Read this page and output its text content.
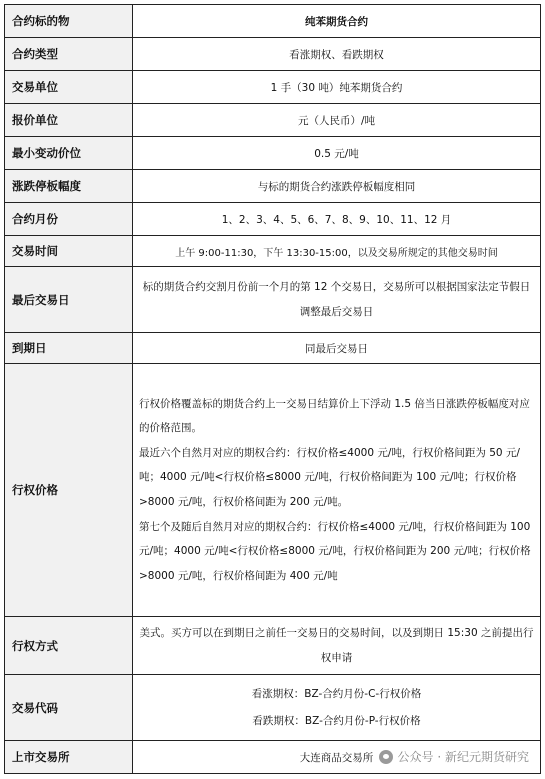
合约标的物	纯苯期货合约

合约类型	看涨期权、看跌期权

交易单位	1 手（30 吨）纯苯期货合约

报价单位	元（人民币）/吨

最小变动价位	0.5 元/吨

涨跌停板幅度	与标的期货合约涨跌停板幅度相同

合约月份	1、2、3、4、5、6、7、8、9、10、11、12 月

交易时间	上午 9:00-11:30，下午 13:30-15:00，以及交易所规定的其他交易时间

最后交易日	标的期货合约交割月份前一个月的第 12 个交易日，交易所可以根据国家法定节假日调整最后交易日

到期日	同最后交易日

行权价格	行权价格覆盖标的期货合约上一交易日结算价上下浮动 1.5 倍当日涨跌停板幅度对应的价格范围。
最近六个自然月对应的期权合约：行权价格≤4000 元/吨，行权价格间距为 50 元/吨；4000 元/吨<行权价格≤8000 元/吨，行权价格间距为 100 元/吨；行权价格>8000 元/吨，行权价格间距为 200 元/吨。
第七个及随后自然月对应的期权合约：行权价格≤4000 元/吨，行权价格间距为 100 元/吨；4000 元/吨<行权价格≤8000 元/吨，行权价格间距为 200 元/吨；行权价格>8000 元/吨，行权价格间距为 400 元/吨

行权方式	美式。买方可以在到期日之前任一交易日的交易时间，以及到期日 15:30 之前提出行权申请

交易代码	看涨期权：BZ-合约月份-C-行权价格
看跌期权：BZ-合约月份-P-行权价格

上市交易所	大连商品交易所	公众号 · 新纪元期货研究
